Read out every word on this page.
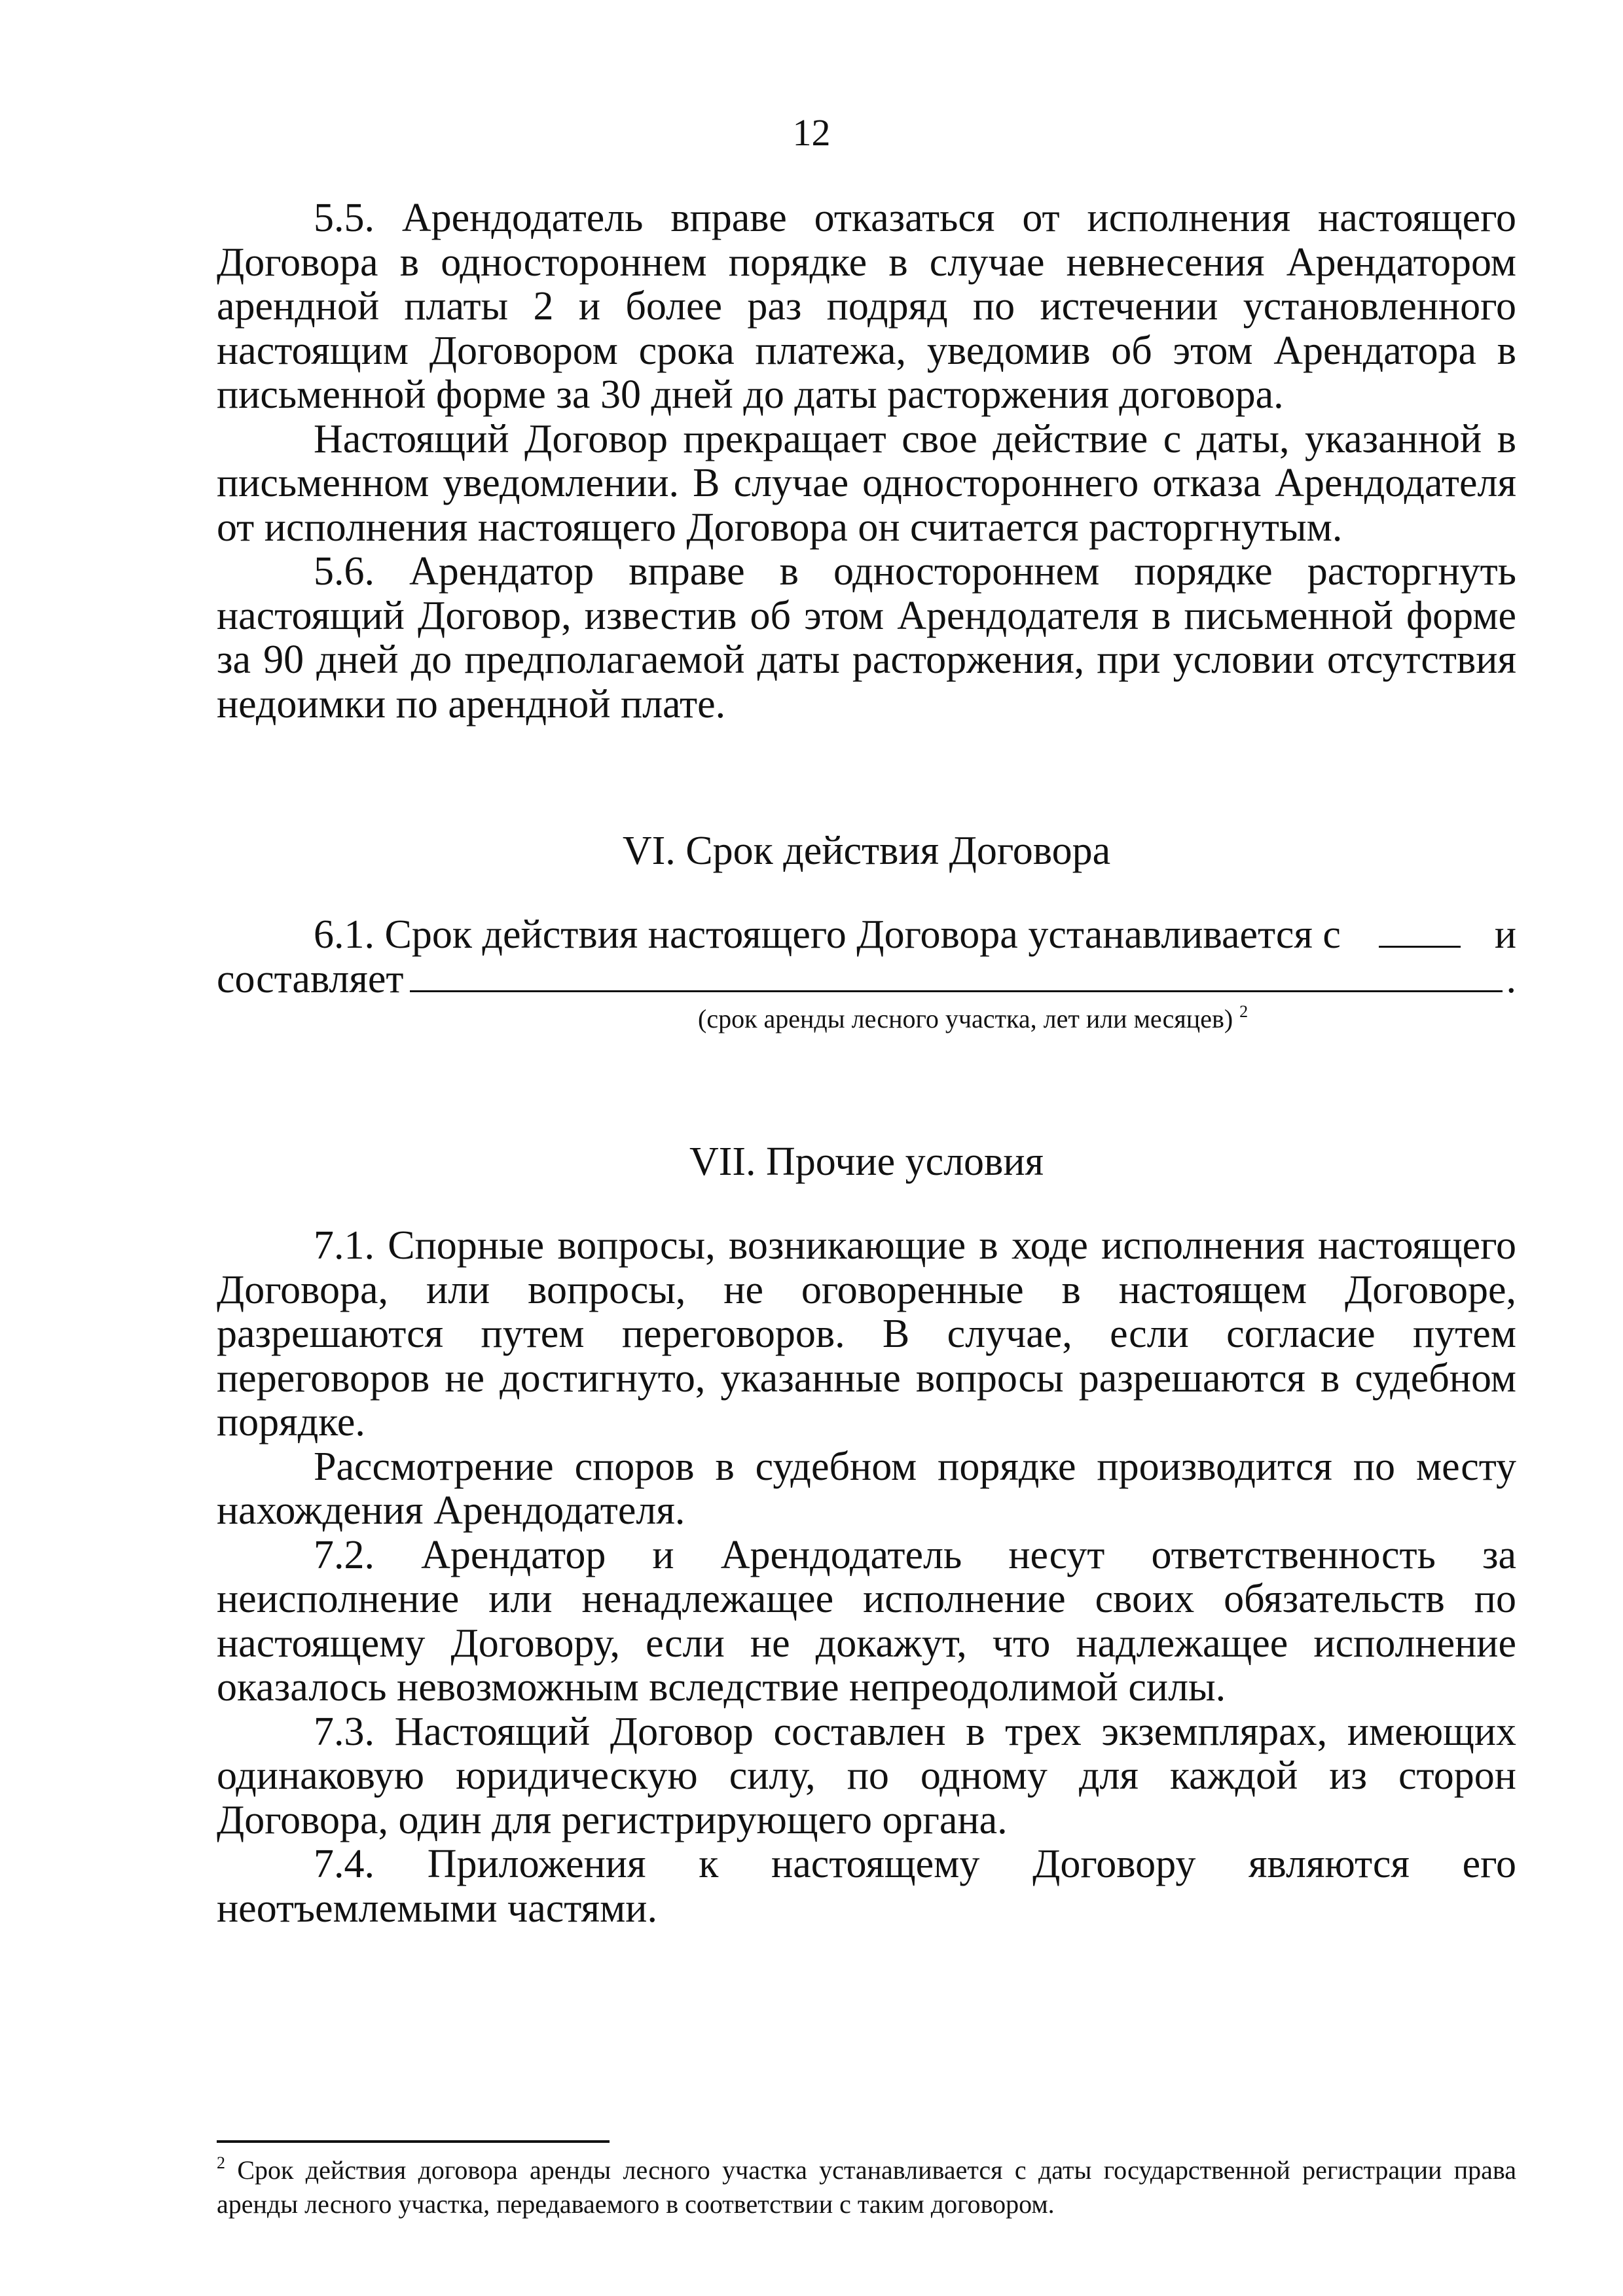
12

5.5. Арендодатель вправе отказаться от исполнения настоящего Договора в одностороннем порядке в случае невнесения Арендатором арендной платы 2 и более раз подряд по истечении установленного настоящим Договором срока платежа, уведомив об этом Арендатора в письменной форме за 30 дней до даты расторжения договора.

Настоящий Договор прекращает свое действие с даты, указанной в письменном уведомлении. В случае одностороннего отказа Арендодателя от исполнения настоящего Договора он считается расторгнутым.

5.6. Арендатор вправе в одностороннем порядке расторгнуть настоящий Договор, известив об этом Арендодателя в письменной форме за 90 дней до предполагаемой даты расторжения, при условии отсутствия недоимки по арендной плате.

VI. Срок действия Договора

6.1. Срок действия настоящего Договора устанавливается с	и
составляет	.
(срок аренды лесного участка, лет или месяцев) $^2$

VII. Прочие условия

7.1. Спорные вопросы, возникающие в ходе исполнения настоящего Договора, или вопросы, не оговоренные в настоящем Договоре, разрешаются путем переговоров. В случае, если согласие путем переговоров не достигнуто, указанные вопросы разрешаются в судебном порядке.

Рассмотрение споров в судебном порядке производится по месту нахождения Арендодателя.

7.2. Арендатор и Арендодатель несут ответственность за неисполнение или ненадлежащее исполнение своих обязательств по настоящему Договору, если не докажут, что надлежащее исполнение оказалось невозможным вследствие непреодолимой силы.

7.3. Настоящий Договор составлен в трех экземплярах, имеющих одинаковую юридическую силу, по одному для каждой из сторон Договора, один для регистрирующего органа.

7.4. Приложения к настоящему Договору являются его неотъемлемыми частями.

$^2$ Срок действия договора аренды лесного участка устанавливается с даты государственной регистрации права аренды лесного участка, передаваемого в соответствии с таким договором.
